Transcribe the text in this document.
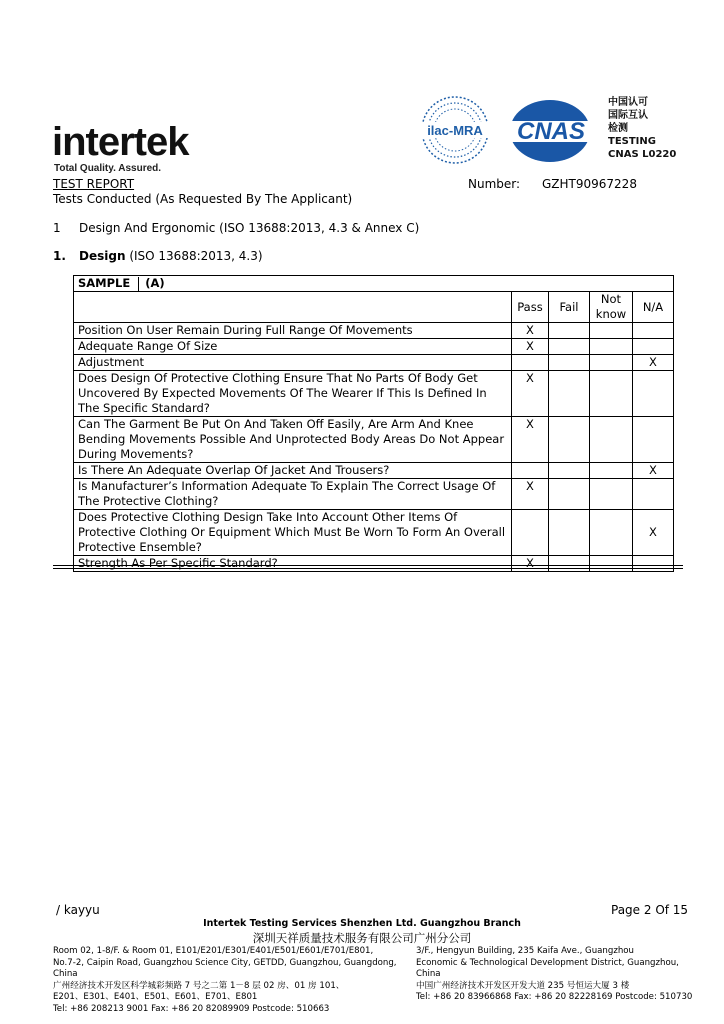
intertek
Total Quality. Assured.
ilac-MRA CNAS
中国认可
国际互认
检测
TESTING
CNAS L0220
TEST REPORT	Number: GZHT90967228
Tests Conducted (As Requested By The Applicant)
1 Design And Ergonomic (ISO 13688:2013, 4.3 & Annex C)
1. Design (ISO 13688:2013, 4.3)
SAMPLE (A)				
	Pass	Fail	Not know	N/A
Position On User Remain During Full Range Of Movements	X			
Adequate Range Of Size	X			
Adjustment				X
Does Design Of Protective Clothing Ensure That No Parts Of Body Get Uncovered By Expected Movements Of The Wearer If This Is Defined In The Specific Standard?	X			
Can The Garment Be Put On And Taken Off Easily, Are Arm And Knee Bending Movements Possible And Unprotected Body Areas Do Not Appear During Movements?	X			
Is There An Adequate Overlap Of Jacket And Trousers?				X
Is Manufacturer’s Information Adequate To Explain The Correct Usage Of The Protective Clothing?	X			
Does Protective Clothing Design Take Into Account Other Items Of Protective Clothing Or Equipment Which Must Be Worn To Form An Overall Protective Ensemble?				X
Strength As Per Specific Standard?	X			
/ kayyu	Page 2 Of 15
Intertek Testing Services Shenzhen Ltd. Guangzhou Branch
深圳天祥质量技术服务有限公司广州分公司
Room 02, 1-8/F. & Room 01, E101/E201/E301/E401/E501/E601/E701/E801,
No.7-2, Caipin Road, Guangzhou Science City, GETDD, Guangzhou, Guangdong, China
广州经济技术开发区科学城彩频路 7 号之二第 1－8 层 02 房、01 房 101、
E201、E301、E401、E501、E601、E701、E801
Tel: +86 208213 9001 Fax: +86 20 82089909 Postcode: 510663
3/F., Hengyun Building, 235 Kaifa Ave., Guangzhou
Economic & Technological Development District, Guangzhou,
China
中国广州经济技术开发区开发大道 235 号恒运大厦 3 楼
Tel: +86 20 83966868 Fax: +86 20 82228169 Postcode: 510730
